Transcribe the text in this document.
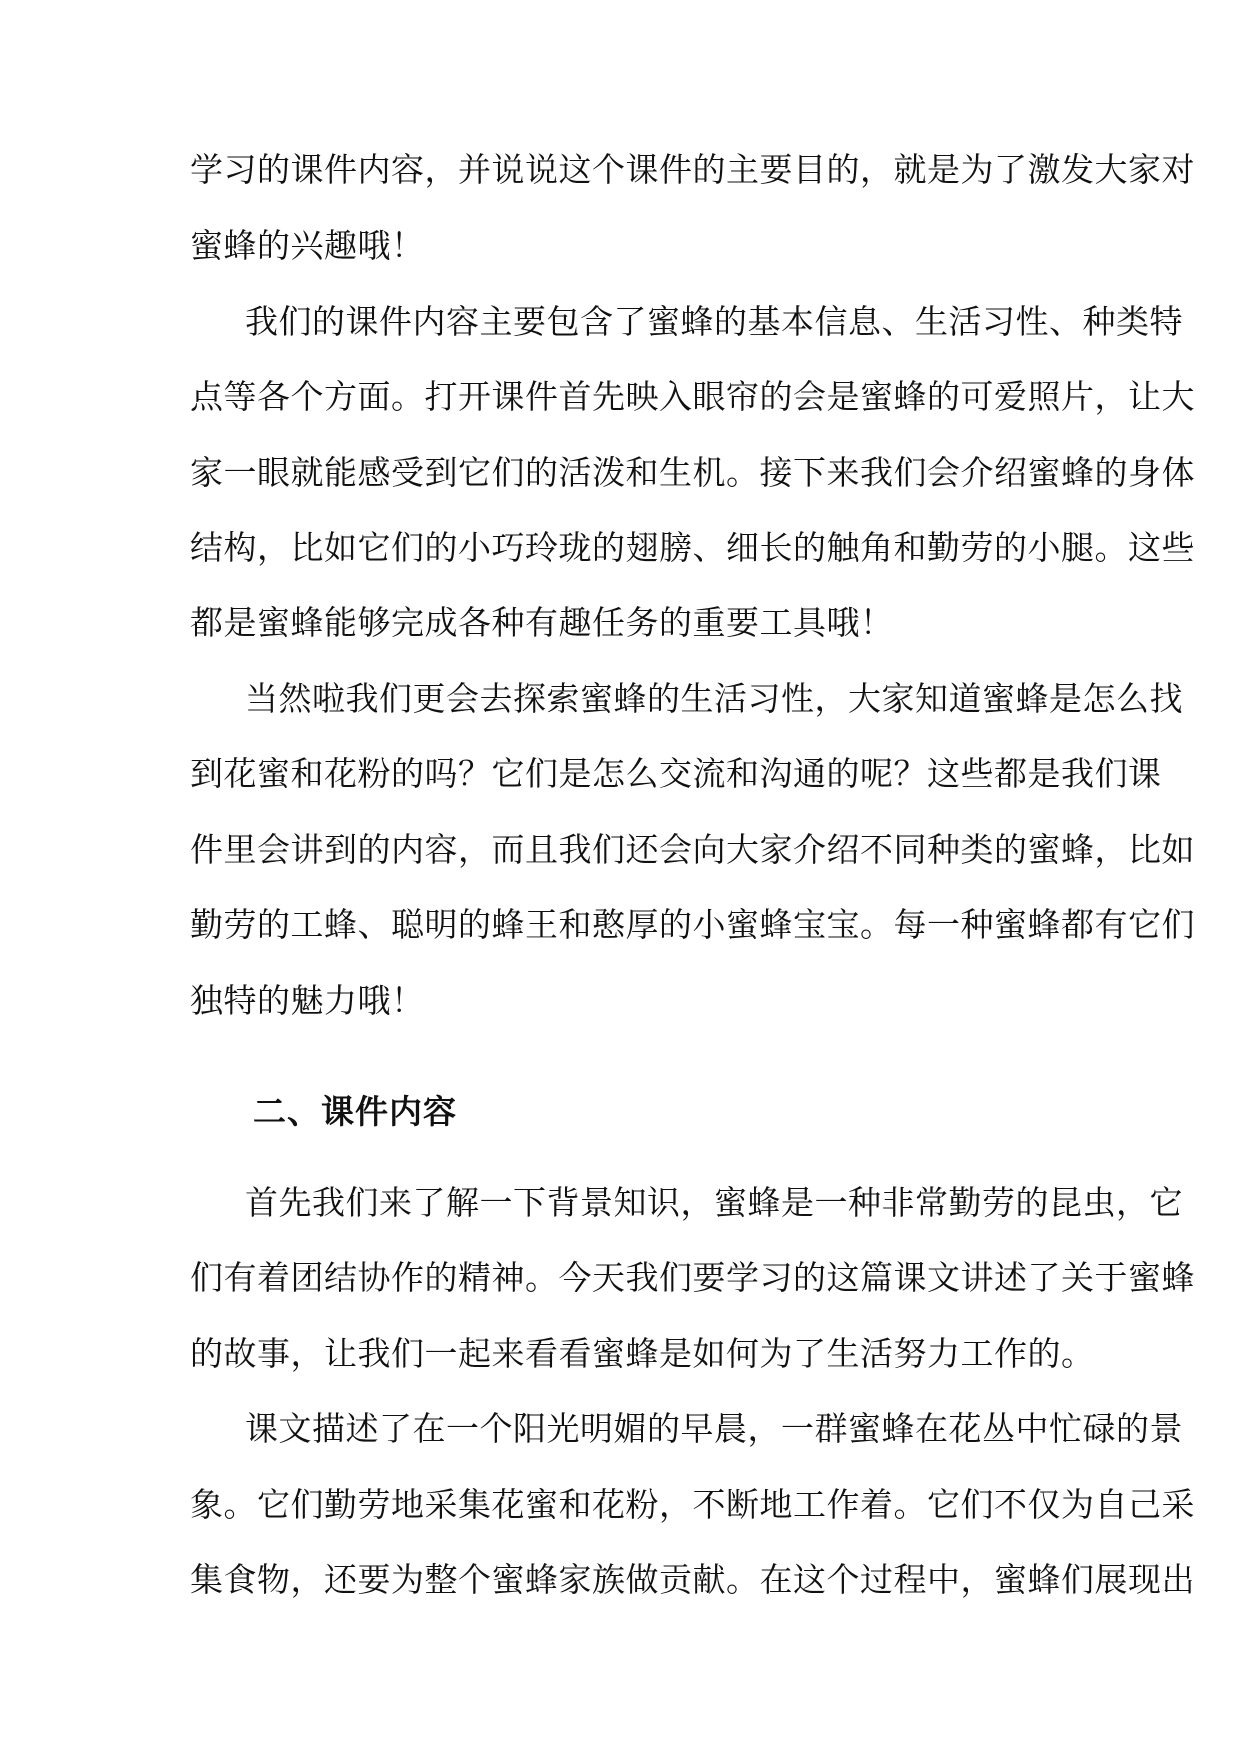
学习的课件内容，并说说这个课件的主要目的，就是为了激发大家对
蜜蜂的兴趣哦！
我们的课件内容主要包含了蜜蜂的基本信息、生活习性、种类特
点等各个方面。打开课件首先映入眼帘的会是蜜蜂的可爱照片，让大
家一眼就能感受到它们的活泼和生机。接下来我们会介绍蜜蜂的身体
结构，比如它们的小巧玲珑的翅膀、细长的触角和勤劳的小腿。这些
都是蜜蜂能够完成各种有趣任务的重要工具哦！
当然啦我们更会去探索蜜蜂的生活习性，大家知道蜜蜂是怎么找
到花蜜和花粉的吗？它们是怎么交流和沟通的呢？这些都是我们课
件里会讲到的内容，而且我们还会向大家介绍不同种类的蜜蜂，比如
勤劳的工蜂、聪明的蜂王和憨厚的小蜜蜂宝宝。每一种蜜蜂都有它们
独特的魅力哦！
二、课件内容
首先我们来了解一下背景知识，蜜蜂是一种非常勤劳的昆虫，它
们有着团结协作的精神。今天我们要学习的这篇课文讲述了关于蜜蜂
的故事，让我们一起来看看蜜蜂是如何为了生活努力工作的。
课文描述了在一个阳光明媚的早晨，一群蜜蜂在花丛中忙碌的景
象。它们勤劳地采集花蜜和花粉，不断地工作着。它们不仅为自己采
集食物，还要为整个蜜蜂家族做贡献。在这个过程中，蜜蜂们展现出
